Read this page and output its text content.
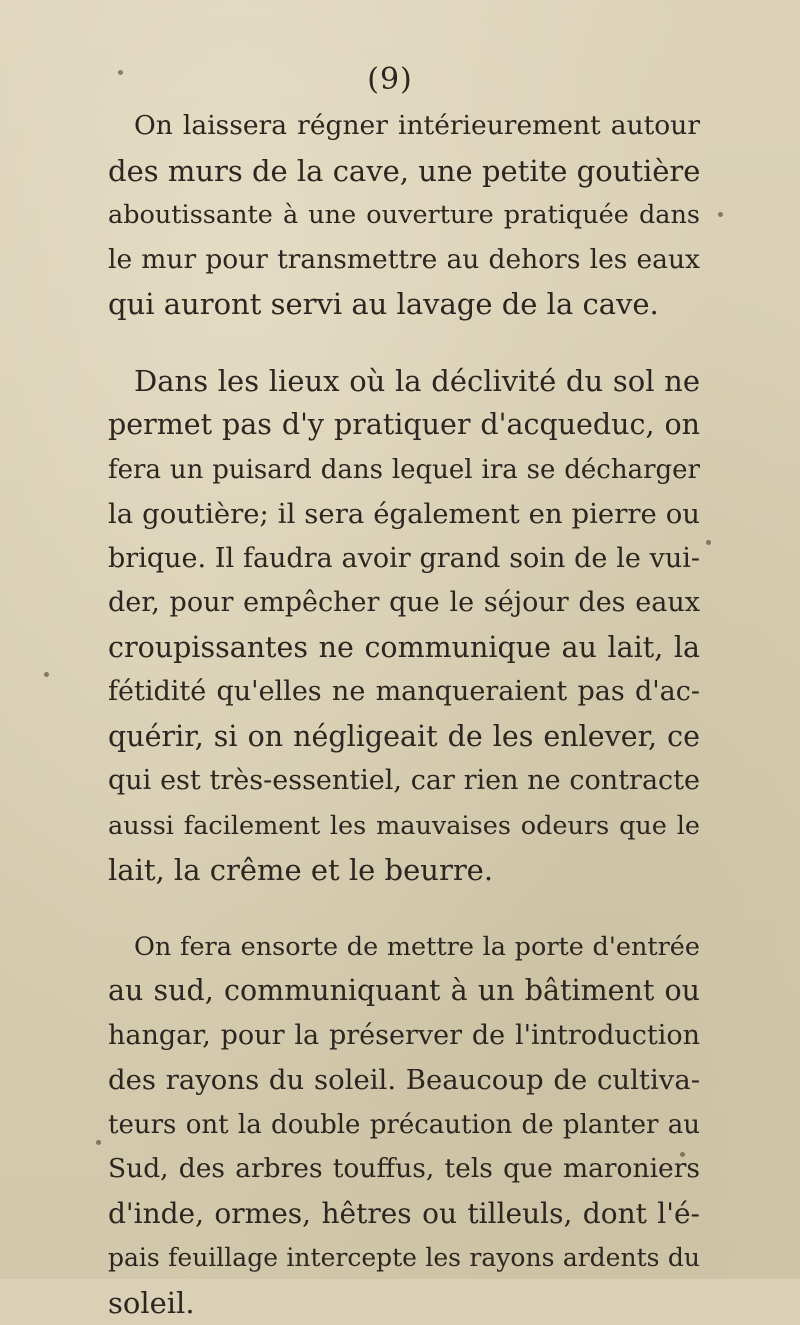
(9)
On laissera régner intérieurement autour
des murs de la cave, une petite goutière
aboutissante à une ouverture pratiquée dans
le mur pour transmettre au dehors les eaux
qui auront servi au lavage de la cave.
Dans les lieux où la déclivité du sol ne
permet pas d'y pratiquer d'acqueduc, on
fera un puisard dans lequel ira se décharger
la goutière; il sera également en pierre ou
brique. Il faudra avoir grand soin de le vui-
der, pour empêcher que le séjour des eaux
croupissantes ne communique au lait, la
fétidité qu'elles ne manqueraient pas d'ac-
quérir, si on négligeait de les enlever, ce
qui est très-essentiel, car rien ne contracte
aussi facilement les mauvaises odeurs que le
lait, la crême et le beurre.
On fera ensorte de mettre la porte d'entrée
au sud, communiquant à un bâtiment ou
hangar, pour la préserver de l'introduction
des rayons du soleil. Beaucoup de cultiva-
teurs ont la double précaution de planter au
Sud, des arbres touffus, tels que maroniers
d'inde, ormes, hêtres ou tilleuls, dont l'é-
pais feuillage intercepte les rayons ardents du
soleil.
